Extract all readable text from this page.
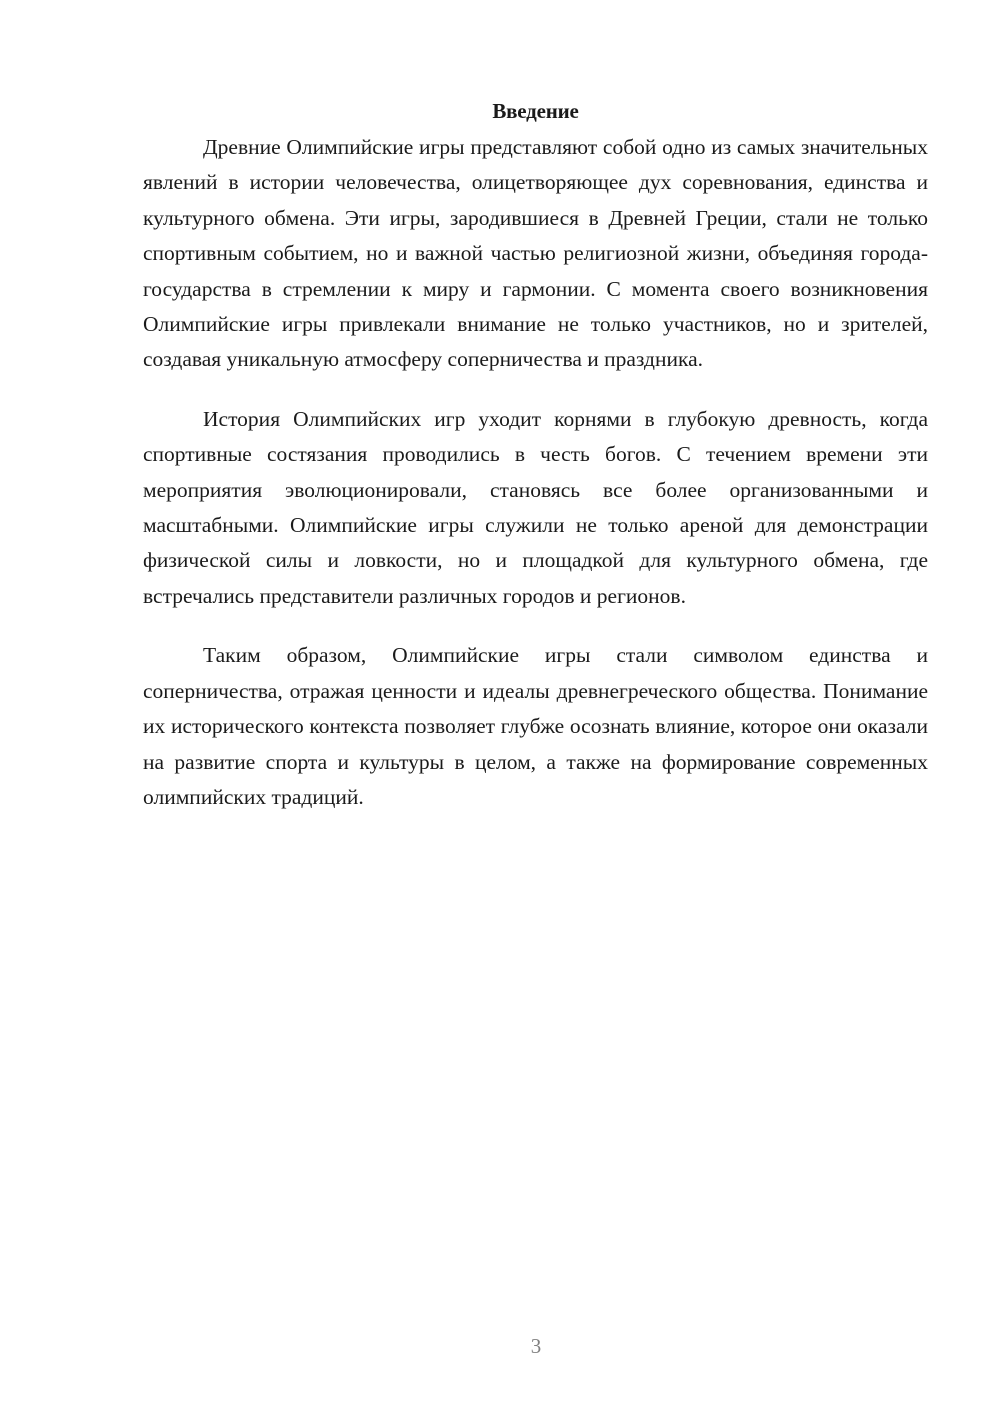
Введение

Древние Олимпийские игры представляют собой одно из самых значительных явлений в истории человечества, олицетворяющее дух соревнования, единства и культурного обмена. Эти игры, зародившиеся в Древней Греции, стали не только спортивным событием, но и важной частью религиозной жизни, объединяя города-государства в стремлении к миру и гармонии. С момента своего возникновения Олимпийские игры привлекали внимание не только участников, но и зрителей, создавая уникальную атмосферу соперничества и праздника.

История Олимпийских игр уходит корнями в глубокую древность, когда спортивные состязания проводились в честь богов. С течением времени эти мероприятия эволюционировали, становясь все более организованными и масштабными. Олимпийские игры служили не только ареной для демонстрации физической силы и ловкости, но и площадкой для культурного обмена, где встречались представители различных городов и регионов.

Таким образом, Олимпийские игры стали символом единства и соперничества, отражая ценности и идеалы древнегреческого общества. Понимание их исторического контекста позволяет глубже осознать влияние, которое они оказали на развитие спорта и культуры в целом, а также на формирование современных олимпийских традиций.

3
